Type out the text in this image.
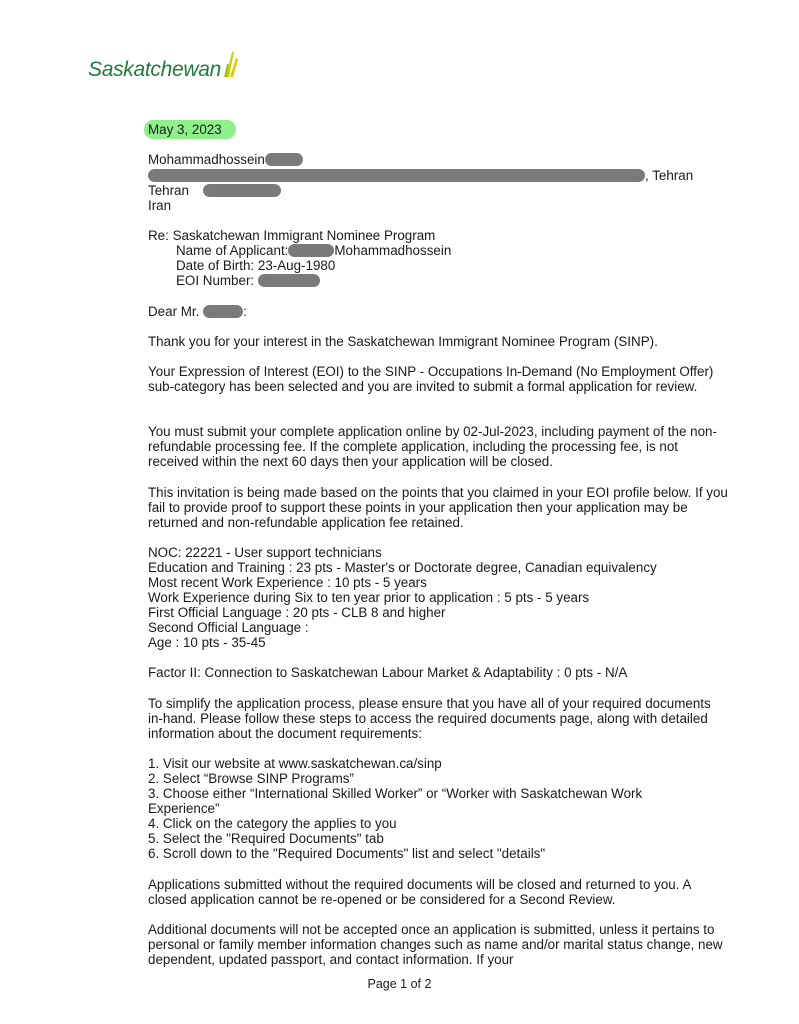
Saskatchewan
May 3, 2023
Mohammadhossein
, Tehran
Tehran
Iran
Re: Saskatchewan Immigrant Nominee Program
Name of Applicant:	Mohammadhossein
Date of Birth: 23-Aug-1980
EOI Number:
Dear Mr.	:
Thank you for your interest in the Saskatchewan Immigrant Nominee Program (SINP).
Your Expression of Interest (EOI) to the SINP - Occupations In-Demand (No Employment Offer) sub-category has been selected and you are invited to submit a formal application for review.
You must submit your complete application online by 02-Jul-2023, including payment of the non-refundable processing fee. If the complete application, including the processing fee, is not received within the next 60 days then your application will be closed.
This invitation is being made based on the points that you claimed in your EOI profile below. If you fail to provide proof to support these points in your application then your application may be returned and non-refundable application fee retained.
NOC: 22221 - User support technicians
Education and Training : 23 pts - Master's or Doctorate degree, Canadian equivalency
Most recent Work Experience : 10 pts - 5 years
Work Experience during Six to ten year prior to application : 5 pts - 5 years
First Official Language : 20 pts - CLB 8 and higher
Second Official Language :
Age : 10 pts - 35-45
Factor II: Connection to Saskatchewan Labour Market & Adaptability : 0 pts - N/A
To simplify the application process, please ensure that you have all of your required documents in-hand. Please follow these steps to access the required documents page, along with detailed information about the document requirements:
1. Visit our website at www.saskatchewan.ca/sinp
2. Select “Browse SINP Programs”
3. Choose either “International Skilled Worker” or “Worker with Saskatchewan Work Experience”
4. Click on the category the applies to you
5. Select the "Required Documents" tab
6. Scroll down to the "Required Documents" list and select "details"
Applications submitted without the required documents will be closed and returned to you. A closed application cannot be re-opened or be considered for a Second Review.
Additional documents will not be accepted once an application is submitted, unless it pertains to personal or family member information changes such as name and/or marital status change, new dependent, updated passport, and contact information. If your
Page 1 of 2
